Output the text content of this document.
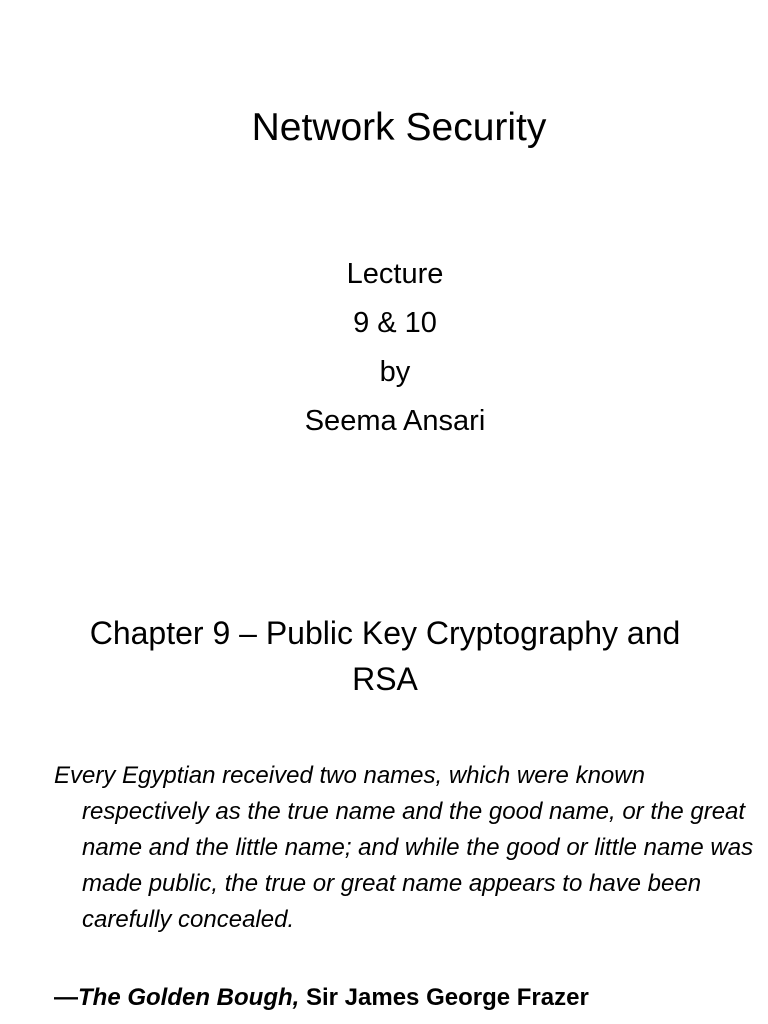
Network Security
Lecture
9 & 10
by
Seema Ansari
Chapter 9 – Public Key Cryptography and
RSA

Every Egyptian received two names, which were known respectively as the true name and the good name, or the great name and the little name; and while the good or little name was made public, the true or great name appears to have been carefully concealed.

—The Golden Bough, Sir James George Frazer
